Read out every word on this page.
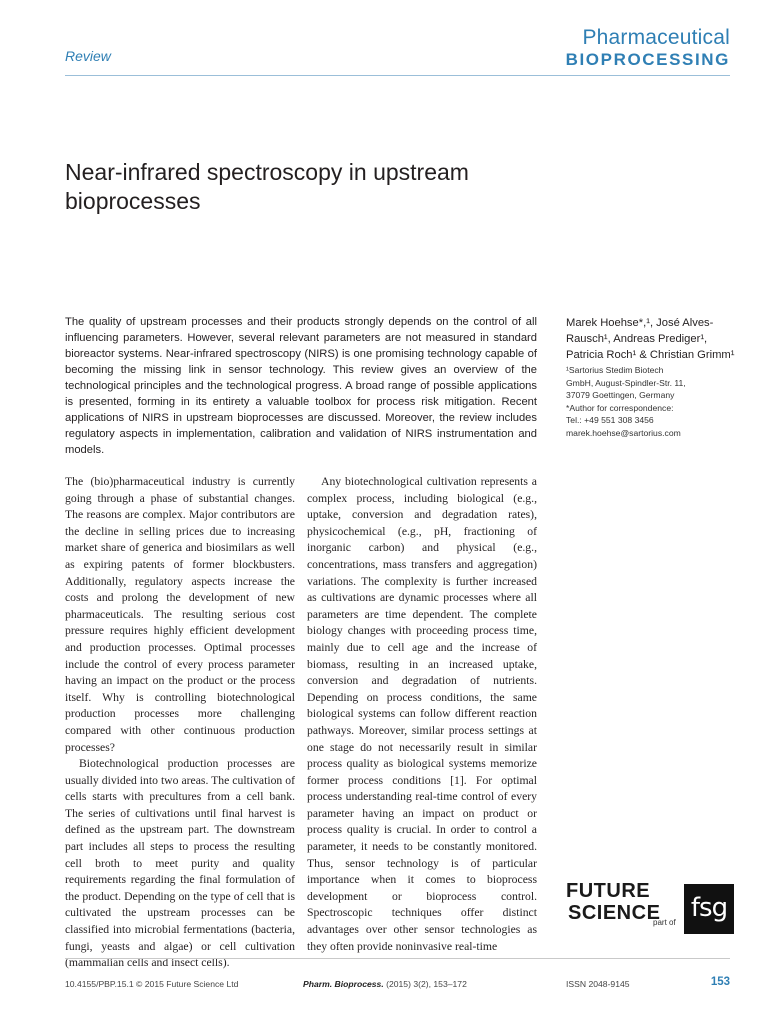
Review
Pharmaceutical
BIOPROCESSING
Near-infrared spectroscopy in upstream bioprocesses
The quality of upstream processes and their products strongly depends on the control of all influencing parameters. However, several relevant parameters are not measured in standard bioreactor systems. Near-infrared spectroscopy (NIRS) is one promising technology capable of becoming the missing link in sensor technology. This review gives an overview of the technological principles and the technological progress. A broad range of possible applications is presented, forming in its entirety a valuable toolbox for process risk mitigation. Recent applications of NIRS in upstream bioprocesses are discussed. Moreover, the review includes regulatory aspects in implementation, calibration and validation of NIRS instrumentation and models.
Marek Hoehse*,¹, José Alves-Rausch¹, Andreas Prediger¹, Patricia Roch¹ & Christian Grimm¹
¹Sartorius Stedim Biotech
GmbH, August-Spindler-Str. 11,
37079 Goettingen, Germany
*Author for correspondence:
Tel.: +49 551 308 3456
marek.hoehse@sartorius.com

The (bio)pharmaceutical industry is currently going through a phase of substantial changes. The reasons are complex. Major contributors are the decline in selling prices due to increasing market share of generica and biosimilars as well as expiring patents of former blockbusters. Additionally, regulatory aspects increase the costs and prolong the development of new pharmaceuticals. The resulting serious cost pressure requires highly efficient development and production processes. Optimal processes include the control of every process parameter having an impact on the product or the process itself. Why is controlling biotechnological production processes more challenging compared with other continuous production processes?

Biotechnological production processes are usually divided into two areas. The cultivation of cells starts with precultures from a cell bank. The series of cultivations until final harvest is defined as the upstream part. The downstream part includes all steps to process the resulting cell broth to meet purity and quality requirements regarding the final formulation of the product. Depending on the type of cell that is cultivated the upstream processes can be classified into microbial fermentations (bacteria, fungi, yeasts and algae) or cell cultivation (mammalian cells and insect cells).

Any biotechnological cultivation represents a complex process, including biological (e.g., uptake, conversion and degradation rates), physicochemical (e.g., pH, fractioning of inorganic carbon) and physical (e.g., concentrations, mass transfers and aggregation) variations. The complexity is further increased as cultivations are dynamic processes where all parameters are time dependent. The complete biology changes with proceeding process time, mainly due to cell age and the increase of biomass, resulting in an increased uptake, conversion and degradation of nutrients. Depending on process conditions, the same biological systems can follow different reaction pathways. Moreover, similar process settings at one stage do not necessarily result in similar process quality as biological systems memorize former process conditions [1]. For optimal process understanding real-time control of every parameter having an impact on product or process quality is crucial. In order to control a parameter, it needs to be constantly monitored. Thus, sensor technology is of particular importance when it comes to bioprocess development or bioprocess control. Spectroscopic techniques offer distinct advantages over other sensor technologies as they often provide noninvasive real-time

FUTURE
SCIENCE
part of fsg
10.4155/PBP.15.1 © 2015 Future Science Ltd	Pharm. Bioprocess. (2015) 3(2), 153–172	ISSN 2048-9145	153
